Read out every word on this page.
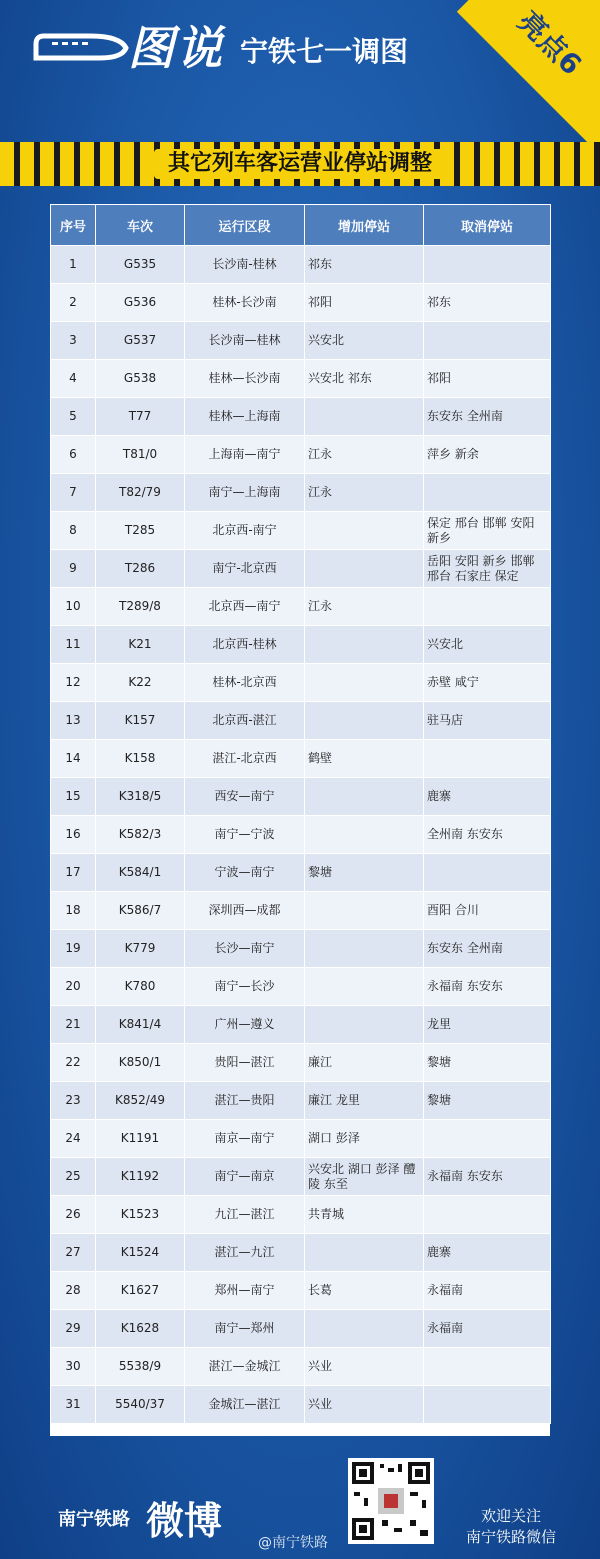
图说 宁铁七一调图	亮点6
其它列车客运营业停站调整
序号	车次	运行区段	增加停站	取消停站
1	G535	长沙南-桂林	祁东	
2	G536	桂林-长沙南	祁阳	祁东
3	G537	长沙南—桂林	兴安北	
4	G538	桂林—长沙南	兴安北 祁东	祁阳
5	T77	桂林—上海南		东安东 全州南
6	T81/0	上海南—南宁	江永	萍乡 新余
7	T82/79	南宁—上海南	江永	
8	T285	北京西-南宁		保定 邢台 邯郸 安阳 新乡
9	T286	南宁-北京西		岳阳 安阳 新乡 邯郸 邢台 石家庄 保定
10	T289/8	北京西—南宁	江永	
11	K21	北京西-桂林		兴安北
12	K22	桂林-北京西		赤壁 咸宁
13	K157	北京西-湛江		驻马店
14	K158	湛江-北京西	鹤壁	
15	K318/5	西安—南宁		鹿寨
16	K582/3	南宁—宁波		全州南 东安东
17	K584/1	宁波—南宁	黎塘	
18	K586/7	深圳西—成都		酉阳 合川
19	K779	长沙—南宁		东安东 全州南
20	K780	南宁—长沙		永福南 东安东
21	K841/4	广州—遵义		龙里
22	K850/1	贵阳—湛江	廉江	黎塘
23	K852/49	湛江—贵阳	廉江 龙里	黎塘
24	K1191	南京—南宁	湖口 彭泽	
25	K1192	南宁—南京	兴安北 湖口 彭泽 醴陵 东至	永福南 东安东
26	K1523	九江—湛江	共青城	
27	K1524	湛江—九江		鹿寨
28	K1627	郑州—南宁	长葛	永福南
29	K1628	南宁—郑州		永福南
30	5538/9	湛江—金城江	兴业	
31	5540/37	金城江—湛江	兴业	
南宁铁路 微博	@南宁铁路
欢迎关注
南宁铁路微信
